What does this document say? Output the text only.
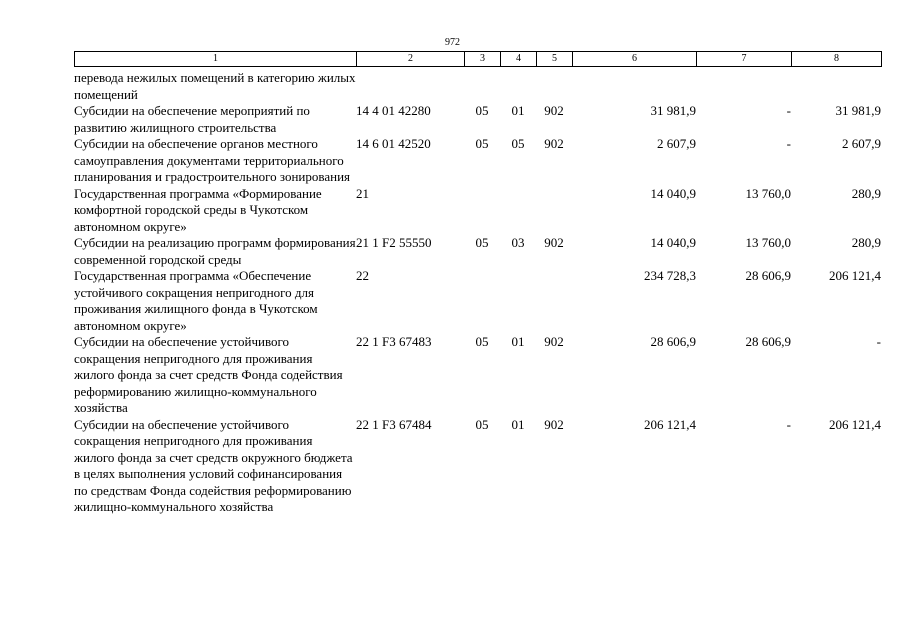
972
1	2	3	4	5	6	7	8
перевода нежилых помещений в категорию жилых помещений							
Субсидии на обеспечение мероприятий по развитию жилищного строительства	14 4 01 42280	05	01	902	31 981,9	-	31 981,9
Субсидии на обеспечение органов местного самоуправления документами территориального планирования и градостроительного зонирования	14 6 01 42520	05	05	902	2 607,9	-	2 607,9
Государственная программа «Формирование комфортной городской среды в Чукотском автономном округе»	21				14 040,9	13 760,0	280,9
Субсидии на реализацию программ формирования современной городской среды	21 1 F2 55550	05	03	902	14 040,9	13 760,0	280,9
Государственная программа «Обеспечение устойчивого сокращения непригодного для проживания жилищного фонда в Чукотском автономном округе»	22				234 728,3	28 606,9	206 121,4
Субсидии на обеспечение устойчивого сокращения непригодного для проживания жилого фонда за счет средств Фонда содействия реформированию жилищно-коммунального хозяйства	22 1 F3 67483	05	01	902	28 606,9	28 606,9	-
Субсидии на обеспечение устойчивого сокращения непригодного для проживания жилого фонда за счет средств окружного бюджета в целях выполнения условий софинансирования по средствам Фонда содействия реформированию жилищно-коммунального хозяйства	22 1 F3 67484	05	01	902	206 121,4	-	206 121,4
